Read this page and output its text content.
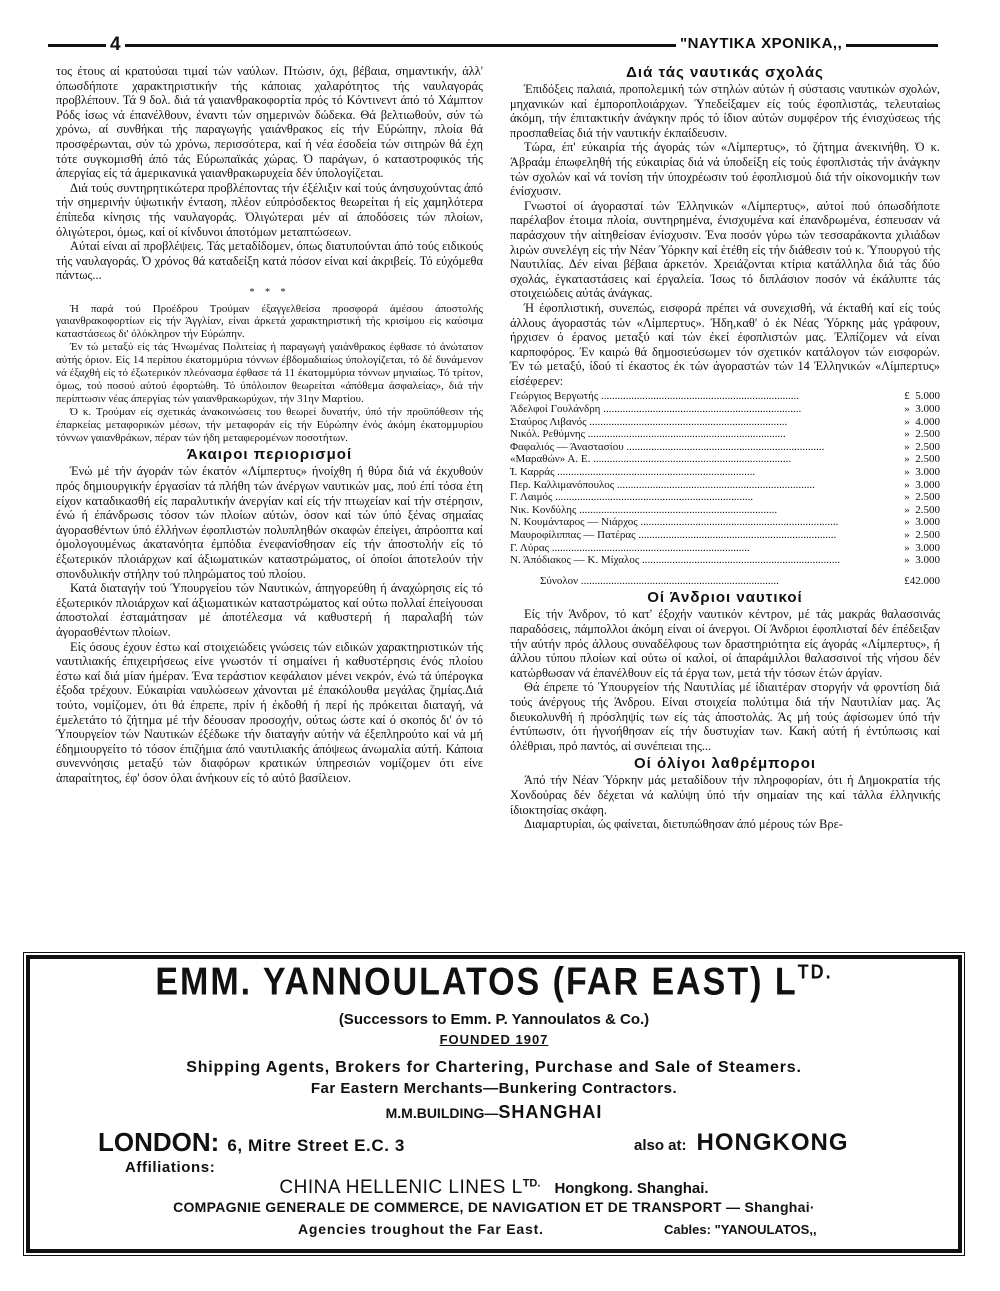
4	"ΝΑΥΤΙΚΑ ΧΡΟΝΙΚΑ,,

τος έτους αί κρατούσαι τιμαί τών ναύλων. Πτώσιν, όχι, βέβαια, σημαντικήν, άλλ' όπωσδήποτε χαρακτηριστικήν τής κάποιας χαλαρότητος τής ναυλαγοράς προβλέπουν. Τά 9 δολ. διά τά γαιανθρακοφορτία πρός τό Κόντινεντ άπό τό Χάμπτον Ρόδς ίσως νά έπανέλθουν, έναντι τών σημερινών δώδεκα. Θά βελτιωθούν, σύν τώ χρόνω, αί συνθήκαι τής παραγωγής γαιάνθρακος είς τήν Εύρώπην, πλοία θά προσφέρωνται, σύν τώ χρόνω, περισσότερα, καί ή νέα έσοδεία τών σιτηρών θά έχη τότε συγκομισθή άπό τάς Εύρωπαϊκάς χώρας. Ό παράγων, ό καταστροφικός τής άπεργίας είς τά άμερικανικά γαιανθρακωρυχεία δέν ύπολογίζεται.

Διά τούς συντηρητικώτερα προβλέποντας τήν έξέλιξιν καί τούς άνησυχούντας άπό τήν σημερινήν ύψωτικήν ένταση, πλέον εύπρόσδεκτος θεωρείται ή είς χαμηλότερα έπίπεδα κίνησις τής ναυλαγοράς. Όλιγώτεραι μέν αί άποδόσεις τών πλοίων, όλιγώτεροι, όμως, καί οί κίνδυνοι άποτόμων μεταπτώσεων.

Αύταί είναι αί προβλέψεις. Τάς μεταδίδομεν, όπως διατυπούνται άπό τούς ειδικούς τής ναυλαγοράς. Ό χρόνος θά καταδείξη κατά πόσον είναι καί άκριβείς. Τό εύχόμεθα πάντως...

* * *

Ή παρά τού Προέδρου Τρούμαν έξαγγελθείσα προσφορά άμέσου άποστολής γαιανθρακοφορτίων είς τήν Άγγλίαν, είναι άρκετά χαρακτηριστική τής κρισίμου είς καύσιμα καταστάσεως δι' όλόκληρον τήν Εύρώπην.

Έν τώ μεταξύ είς τάς Ήνωμένας Πολιτείας ή παραγωγή γαιάνθρακος έφθασε τό άνώτατον αύτής όριον. Είς 14 περίπου έκατομμύρια τόννων έβδομαδιαίως ύπολογίζεται, τό δέ δυνάμενον νά έξαχθή είς τό έξωτερικόν πλεόνασμα έφθασε τά 11 έκατομμύρια τόννων μηνιαίως. Τό τρίτον, όμως, τού ποσού αύτού έφορτώθη. Τό ύπόλοιπον θεωρείται «άπόθεμα άσφαλείας», διά τήν περίπτωσιν νέας άπεργίας τών γαιανθρακωρύχων, τήν 31ην Μαρτίου.

Ό κ. Τρούμαν είς σχετικάς άνακοινώσεις του θεωρεί δυνατήν, ύπό τήν προϋπόθεσιν τής έπαρκείας μεταφορικών μέσων, τήν μεταφοράν είς τήν Εύρώπην ένός άκόμη έκατομμυρίου τόννων γαιανθράκων, πέραν τών ήδη μεταφερομένων ποσοτήτων.

Άκαιροι περιορισμοί

Ένώ μέ τήν άγοράν τών έκατόν «Λίμπερτυς» ήνοίχθη ή θύρα διά νά έκχυθούν πρός δημιουργικήν έργασίαν τά πλήθη τών άνέργων ναυτικών μας, πού έπί τόσα έτη είχον καταδικασθή είς παραλυτικήν άνεργίαν καί είς τήν πτωχείαν καί τήν στέρησιν, ένώ ή έπάνδρωσις τόσον τών πλοίων αύτών, όσον καί τών ύπό ξένας σημαίας άγορασθέντων ύπό έλλήνων έφοπλιστών πολυπληθών σκαφών έπείγει, άπρόοπτα καί όμολογουμένως άκατανόητα έμπόδια ένεφανίσθησαν είς τήν άποστολήν είς τό έξωτερικόν πλοιάρχων καί άξιωματικών καταστρώματος, οί όποίοι άποτελούν τήν σπονδυλικήν στήλην τού πληρώματος τού πλοίου.

Κατά διαταγήν τού Ύπουργείου τών Ναυτικών, άπηγορεύθη ή άναχώρησις είς τό έξωτερικόν πλοιάρχων καί άξιωματικών καταστρώματος καί ούτω πολλαί έπείγουσαι άποστολαί έσταμάτησαν μέ άποτέλεσμα νά καθυστερή ή παραλαβή τών άγορασθέντων πλοίων.

Είς όσους έχουν έστω καί στοιχειώδεις γνώσεις τών ειδικών χαρακτηριστικών τής ναυτιλιακής έπιχειρήσεως είνε γνωστόν τί σημαίνει ή καθυστέρησις ένός πλοίου έστω καί διά μίαν ήμέραν. Ένα τεράστιον κεφάλαιον μένει νεκρόν, ένώ τά ύπέρογκα έξοδα τρέχουν. Εύκαιρίαι ναυλώσεων χάνονται μέ έπακόλουθα μεγάλας ζημίας.Διά τούτο, νομίζομεν, ότι θά έπρεπε, πρίν ή έκδοθή ή περί ής πρόκειται διαταγή, νά έμελετάτο τό ζήτημα μέ τήν δέουσαν προσοχήν, ούτως ώστε καί ό σκοπός δι' όν τό Ύπουργείον τών Ναυτικών έξέδωκε τήν διαταγήν αύτήν νά έξεπληρούτο καί νά μή έδημιουργείτο τό τόσον έπιζήμια άπό ναυτιλιακής άπόψεως άνωμαλία αύτή. Κάποια συνεννόησις μεταξύ τών διαφόρων κρατικών ύπηρεσιών νομίζομεν ότι είνε άπαραίτητος, έφ' όσον όλαι άνήκουν είς τό αύτό βασίλειον.

Διά τάς ναυτικάς σχολάς

Έπιδόξεις παλαιά, προπολεμική τών στηλών αύτών ή σύστασις ναυτικών σχολών, μηχανικών καί έμποροπλοιάρχων. Ύπεδείξαμεν είς τούς έφοπλιστάς, τελευταίως άκόμη, τήν έπιτακτικήν άνάγκην πρός τό ίδιον αύτών συμφέρον τής ένισχύσεως τής προσπαθείας διά τήν ναυτικήν έκπαίδευσιν.

Τώρα, έπ' εύκαιρία τής άγοράς τών «Λίμπερτυς», τό ζήτημα άνεκινήθη. Ό κ. Άβραάμ έπωφεληθή τής εύκαιρίας διά νά ύποδείξη είς τούς έφοπλιστάς τήν άνάγκην τών σχολών καί νά τονίση τήν ύποχρέωσιν τού έφοπλισμού διά τήν οίκονομικήν των ένίσχυσιν.

Γνωστοί οί άγορασταί τών Έλληνικών «Λίμπερτυς», αύτοί πού όπωσδήποτε παρέλαβον έτοιμα πλοία, συντηρημένα, ένισχυμένα καί έπανδρωμένα, έσπευσαν νά παράσχουν τήν αίτηθείσαν ένίσχυσιν. Ένα ποσόν γύρω τών τεσσαράκοντα χιλιάδων λιρών συνελέγη είς τήν Νέαν Ύόρκην καί έτέθη είς τήν διάθεσιν τού κ. Ύπουργού τής Ναυτιλίας. Δέν είναι βέβαια άρκετόν. Χρειάζονται κτίρια κατάλληλα διά τάς δύο σχολάς, έγκαταστάσεις καί έργαλεία. Ίσως τό διπλάσιον ποσόν νά έκάλυπτε τάς στοιχειώδεις αύτάς άνάγκας.

Ή έφοπλιστική, συνεπώς, εισφορά πρέπει νά συνεχισθή, νά έκταθή καί είς τούς άλλους άγοραστάς τών «Λίμπερτυς». Ήδη,καθ' ό έκ Νέας Ύόρκης μάς γράφουν, ήρχισεν ό έρανος μεταξύ καί τών έκεί έφοπλιστών μας. Έλπίζομεν νά είναι καρποφόρος. Έν καιρώ θά δημοσιεύσωμεν τόν σχετικόν κατάλογον τών εισφορών. Έν τώ μεταξύ, ίδού τί έκαστος έκ τών άγοραστών τών 14 Έλληνικών «Λίμπερτυς» είσέφερεν:

Γεώργιος Βεργωτής .....	£	5.000
Άδελφοί Γουλάνδρη .....	»	3.000
Σταύρος Λιβανός .....	»	4.000
Νικόλ. Ρεθύμνης .....	»	2.500
Φαφαλιός — Άναστασίου .....	»	2.500
«Μαραθών» Α. Ε. .....	»	2.500
Ί. Καρράς .....	»	3.000
Περ. Καλλιμανόπουλος .....	»	3.000
Γ. Λαιμός .....	»	2.500
Νικ. Κονδύλης .....	»	2.500
Ν. Κουμάνταρος — Νιάρχος .....	»	3.000
Μαυροφίλιππας — Πατέρας .....	»	2.500
Γ. Λύρας .....	»	3.000
Ν. Άπόδιακος — Κ. Μίχαλος .....	»	3.000
Σύνολον .....	£	42.000
Οί Άνδριοι ναυτικοί

Είς τήν Άνδρον, τό κατ' έξοχήν ναυτικόν κέντρον, μέ τάς μακράς θαλασσινάς παραδόσεις, πάμπολλοι άκόμη είναι οί άνεργοι. Οί Άνδριοι έφοπλισταί δέν έπέδειξαν τήν αύτήν πρός άλλους συναδέλφους των δραστηριότητα είς άγοράς «Λίμπερτυς», ή άλλου τύπου πλοίων καί ούτω οί καλοί, οί άπαράμιλλοι θαλασσινοί τής νήσου δέν κατώρθωσαν νά έπανέλθουν είς τά έργα των, μετά τήν τόσων έτών άργίαν.

Θά έπρεπε τό Ύπουργείον τής Ναυτιλίας μέ ίδιαιτέραν στοργήν νά φροντίση διά τούς άνέργους τής Άνδρου. Είναι στοιχεία πολύτιμα διά τήν Ναυτιλίαν μας. Άς διευκολυνθή ή πρόσληψίς των είς τάς άποστολάς. Άς μή τούς άφίσωμεν ύπό τήν έντύπωσιν, ότι ήγνοήθησαν είς τήν δυστυχίαν των. Κακή αύτή ή έντύπωσις καί όλέθριαι, πρό παντός, αί συνέπειαι της...

Οί όλίγοι λαθρέμποροι

Άπό τήν Νέαν Ύόρκην μάς μεταδίδουν τήν πληροφορίαν, ότι ή Δημοκρατία τής Χονδούρας δέν δέχεται νά καλύψη ύπό τήν σημαίαν της καί τάλλα έλληνικής ίδιοκτησίας σκάφη.

Διαμαρτυρίαι, ώς φαίνεται, διετυπώθησαν άπό μέρους τών Βρε-

EMM. YANNOULATOS (FAR EAST) $L^{TD.}$
(Successors to Emm. P. Yannoulatos & Co.)
FOUNDED 1907
Shipping Agents, Brokers for Chartering, Purchase and Sale of Steamers.
Far Eastern Merchants—Bunkering Contractors.
M.M.BUILDING—SHANGHAI
LONDON: 6, Mitre Street E.C. 3	also at: HONGKONG
Affiliations:
CHINA HELLENIC LINES $L^{TD.}$ Hongkong. Shanghai.
COMPAGNIE GENERALE DE COMMERCE, DE NAVIGATION ET DE TRANSPORT — Shanghai·
Agencies troughout the Far East.	Cables: "YANOULATOS,,
